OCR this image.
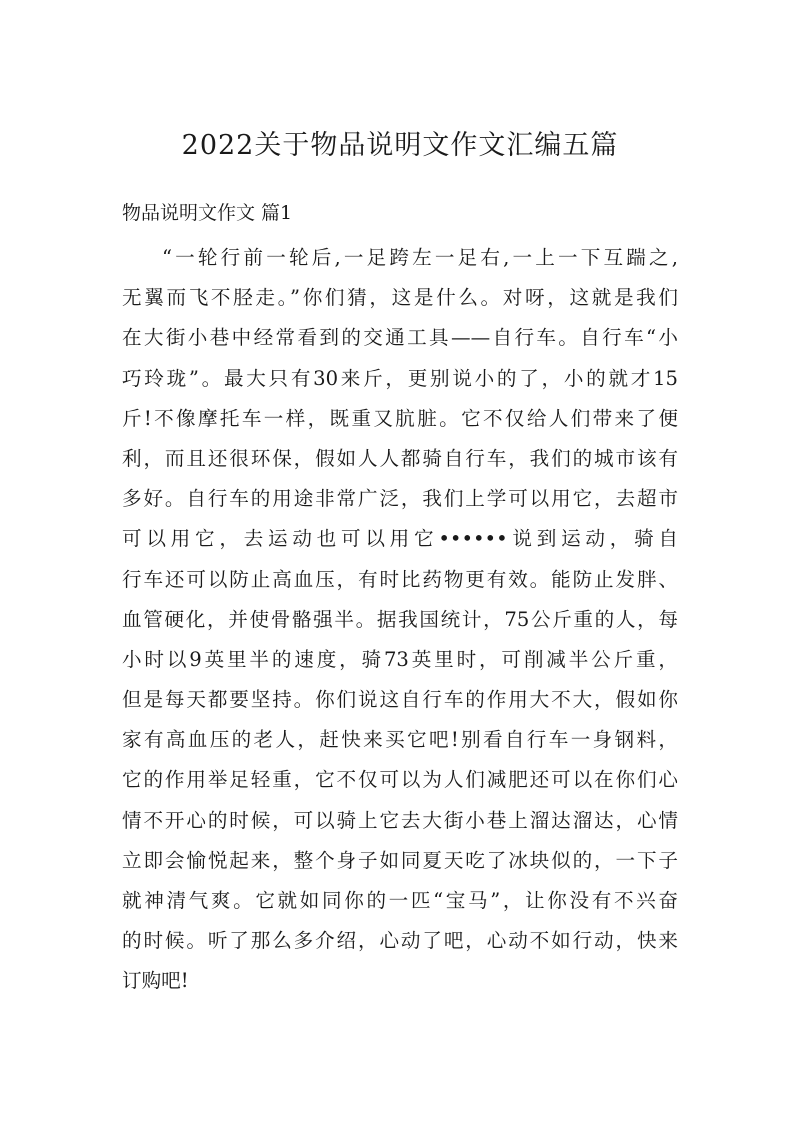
2022关于物品说明文作文汇编五篇
物品说明文作文 篇1
“一轮行前一轮后,一足跨左一足右,一上一下互踹之,
无翼而飞不胫走。”你们猜，这是什么。对呀，这就是我们
在大街小巷中经常看到的交通工具——自行车。自行车“小
巧玲珑”。最大只有30来斤，更别说小的了，小的就才15
斤!不像摩托车一样，既重又肮脏。它不仅给人们带来了便
利，而且还很环保，假如人人都骑自行车，我们的城市该有
多好。自行车的用途非常广泛，我们上学可以用它，去超市
可以用它，去运动也可以用它••••••说到运动，骑自
行车还可以防止高血压，有时比药物更有效。能防止发胖、
血管硬化，并使骨骼强半。据我国统计，75公斤重的人，每
小时以9英里半的速度，骑73英里时，可削减半公斤重，
但是每天都要坚持。你们说这自行车的作用大不大，假如你
家有高血压的老人，赶快来买它吧!别看自行车一身钢料，
它的作用举足轻重，它不仅可以为人们减肥还可以在你们心
情不开心的时候，可以骑上它去大街小巷上溜达溜达，心情
立即会愉悦起来，整个身子如同夏天吃了冰块似的，一下子
就神清气爽。它就如同你的一匹“宝马”，让你没有不兴奋
的时候。听了那么多介绍，心动了吧，心动不如行动，快来
订购吧!
